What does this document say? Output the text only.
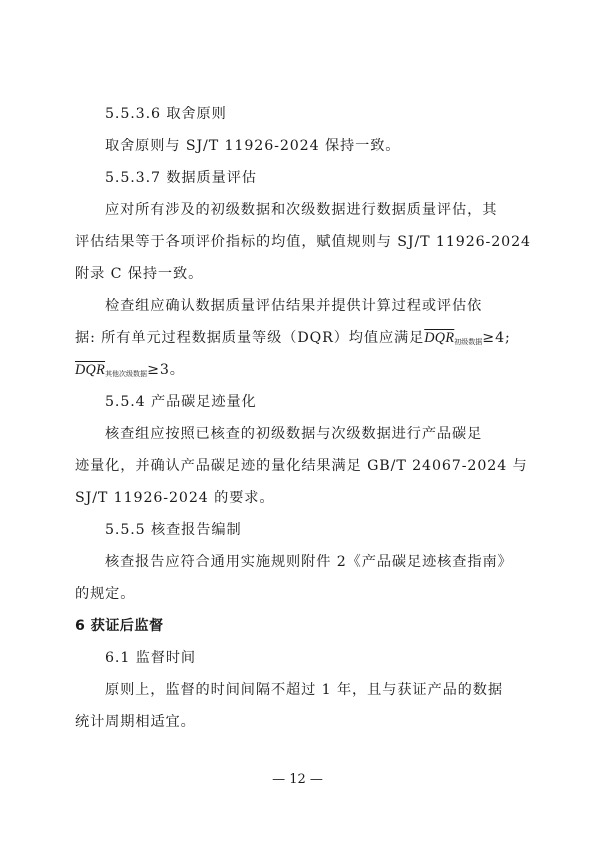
5.5.3.6 取舍原则
取舍原则与 SJ/T 11926-2024 保持一致。
5.5.3.7 数据质量评估
应对所有涉及的初级数据和次级数据进行数据质量评估，其
评估结果等于各项评价指标的均值，赋值规则与 SJ/T 11926-2024
附录 C 保持一致。
检查组应确认数据质量评估结果并提供计算过程或评估依
据: 所有单元过程数据质量等级（DQR）均值应满足$\overline{DQR}_{初级数据}\ge 4$;
$\overline{DQR}_{其他次级数据}\ge 3$。
5.5.4 产品碳足迹量化
核查组应按照已核查的初级数据与次级数据进行产品碳足
迹量化，并确认产品碳足迹的量化结果满足 GB/T 24067-2024 与
SJ/T 11926-2024 的要求。
5.5.5 核查报告编制
核查报告应符合通用实施规则附件 2《产品碳足迹核查指南》
的规定。
6 获证后监督
6.1 监督时间
原则上，监督的时间间隔不超过 1 年，且与获证产品的数据
统计周期相适宜。
— 12 —
